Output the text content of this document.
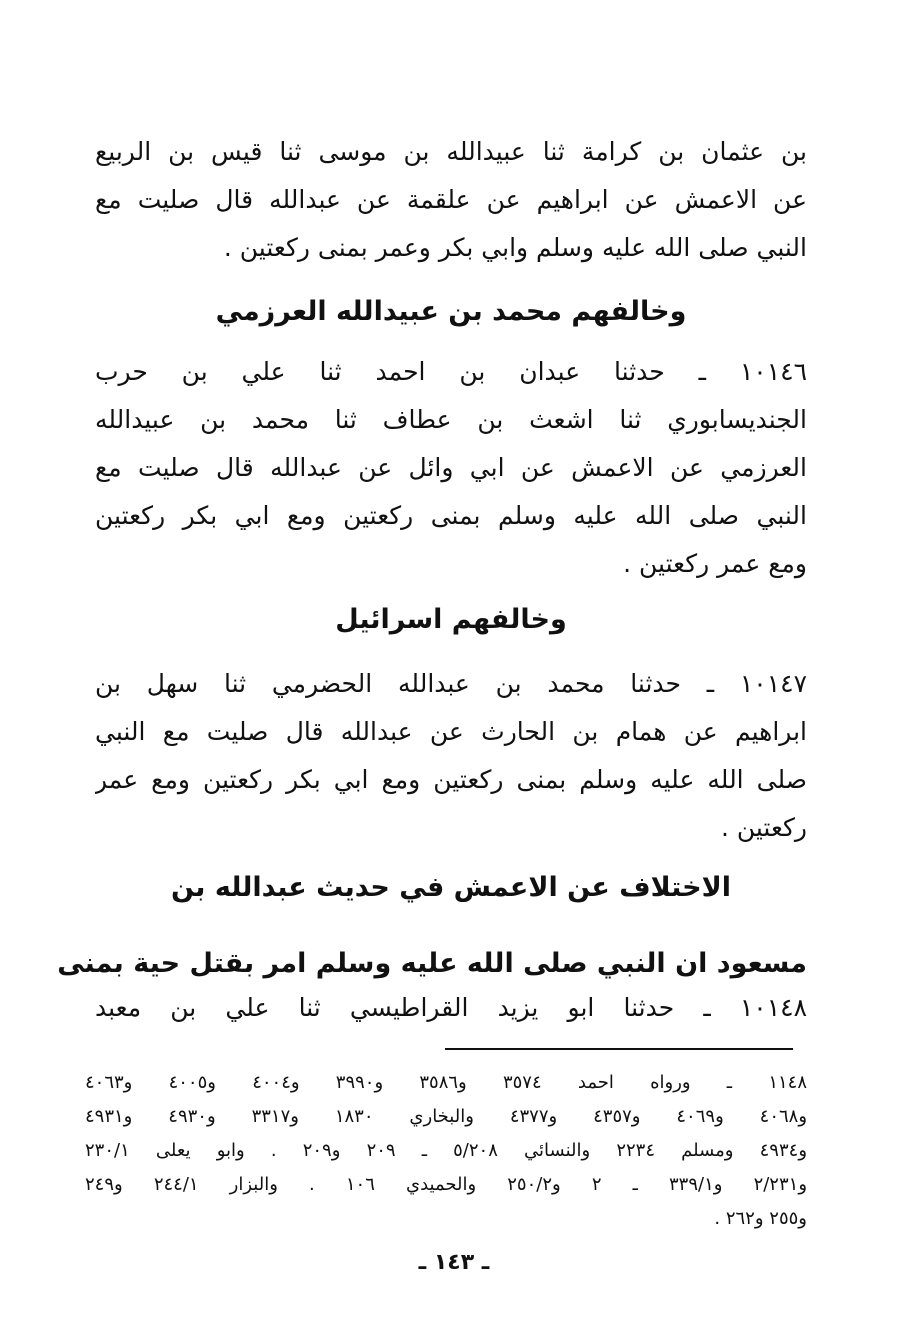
بن عثمان بن كرامة ثنا عبيدالله بن موسى ثنا قيس بن الربيع
عن الاعمش عن ابراهيم عن علقمة عن عبدالله قال صليت مع
النبي صلى الله عليه وسلم وابي بكر وعمر بمنى ركعتين .
وخالفهم محمد بن عبيدالله العرزمي
١٠١٤٦ ـ حدثنا عبدان بن احمد ثنا علي بن حرب
الجنديسابوري ثنا اشعث بن عطاف ثنا محمد بن عبيدالله
العرزمي عن الاعمش عن ابي وائل عن عبدالله قال صليت مع
النبي صلى الله عليه وسلم بمنى ركعتين ومع ابي بكر ركعتين
ومع عمر ركعتين .
وخالفهم اسرائيل
١٠١٤٧ ـ حدثنا محمد بن عبدالله الحضرمي ثنا سهل بن
ابراهيم عن همام بن الحارث عن عبدالله قال صليت مع النبي
صلى الله عليه وسلم بمنى ركعتين ومع ابي بكر ركعتين ومع عمر
ركعتين .
الاختلاف عن الاعمش في حديث عبدالله بن
مسعود ان النبي صلى الله عليه وسلم امر بقتل حية بمنى
١٠١٤٨ ـ حدثنا ابو يزيد القراطيسي ثنا علي بن معبد
١١٤٨ ـ ورواه احمد ٣٥٧٤ و٣٥٨٦ و٣٩٩٠ و٤٠٠٤ و٤٠٠٥ و٤٠٦٣
و٤٠٦٨ و٤٠٦٩ و٤٣٥٧ و٤٣٧٧ والبخاري ١٨٣٠ و٣٣١٧ و٤٩٣٠ و٤٩٣١
و٤٩٣٤ ومسلم ٢٢٣٤ والنسائي ٥/٢٠٨ ـ ٢٠٩ و٢٠٩ . وابو يعلى ٢٣٠/١
و٢/٢٣١ و٣٣٩/١ ـ ٢ و٢٥٠/٢ والحميدي ١٠٦ . والبزار ٢٤٤/١ و٢٤٩
و٢٥٥ و٢٦٢ .
ـ ١٤٣ ـ
